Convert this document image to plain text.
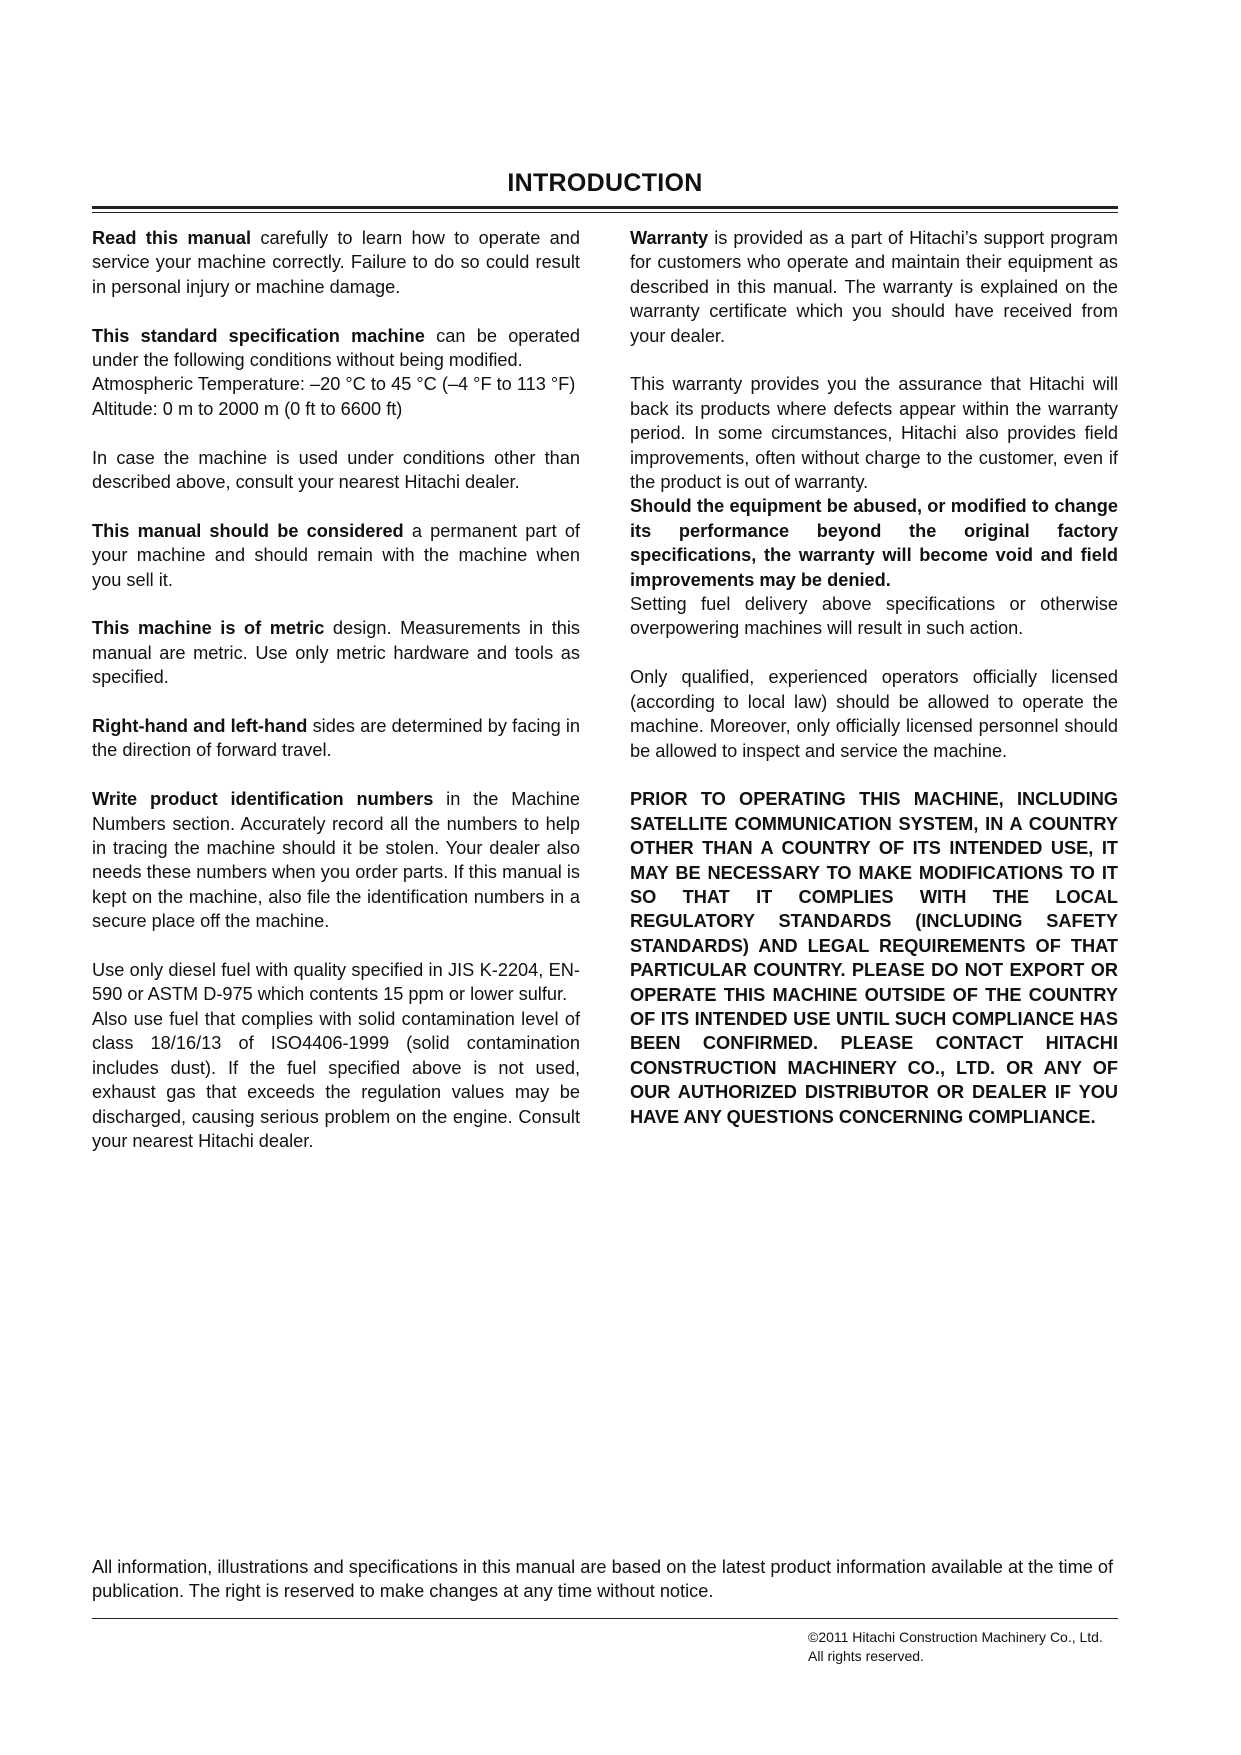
INTRODUCTION

Read this manual carefully to learn how to operate and service your machine correctly. Failure to do so could result in personal injury or machine damage.

This standard specification machine can be operated under the following conditions without being modified.

Atmospheric Temperature: –20 °C to 45 °C (–4 °F to 113 °F)

Altitude: 0 m to 2000 m (0 ft to 6600 ft)

In case the machine is used under conditions other than described above, consult your nearest Hitachi dealer.

This manual should be considered a permanent part of your machine and should remain with the machine when you sell it.

This machine is of metric design. Measurements in this manual are metric. Use only metric hardware and tools as specified.

Right-hand and left-hand sides are determined by facing in the direction of forward travel.

Write product identification numbers in the Machine Numbers section. Accurately record all the numbers to help in tracing the machine should it be stolen. Your dealer also needs these numbers when you order parts. If this manual is kept on the machine, also file the identification numbers in a secure place off the machine.

Use only diesel fuel with quality specified in JIS K-2204, EN-590 or ASTM D-975 which contents 15 ppm or lower sulfur.

Also use fuel that complies with solid contamination level of class 18/16/13 of ISO4406-1999 (solid contamination includes dust). If the fuel specified above is not used, exhaust gas that exceeds the regulation values may be discharged, causing serious problem on the engine. Consult your nearest Hitachi dealer.

Warranty is provided as a part of Hitachi’s support program for customers who operate and maintain their equipment as described in this manual. The warranty is explained on the warranty certificate which you should have received from your dealer.

This warranty provides you the assurance that Hitachi will back its products where defects appear within the warranty period. In some circumstances, Hitachi also provides field improvements, often without charge to the customer, even if the product is out of warranty.

Should the equipment be abused, or modified to change its performance beyond the original factory specifications, the warranty will become void and field improvements may be denied.

Setting fuel delivery above specifications or otherwise overpowering machines will result in such action.

Only qualified, experienced operators officially licensed (according to local law) should be allowed to operate the machine. Moreover, only officially licensed personnel should be allowed to inspect and service the machine.

PRIOR TO OPERATING THIS MACHINE, INCLUDING SATELLITE COMMUNICATION SYSTEM, IN A COUNTRY OTHER THAN A COUNTRY OF ITS INTENDED USE, IT MAY BE NECESSARY TO MAKE MODIFICATIONS TO IT SO THAT IT COMPLIES WITH THE LOCAL REGULATORY STANDARDS (INCLUDING SAFETY STANDARDS) AND LEGAL REQUIREMENTS OF THAT PARTICULAR COUNTRY. PLEASE DO NOT EXPORT OR OPERATE THIS MACHINE OUTSIDE OF THE COUNTRY OF ITS INTENDED USE UNTIL SUCH COMPLIANCE HAS BEEN CONFIRMED. PLEASE CONTACT HITACHI CONSTRUCTION MACHINERY CO., LTD. OR ANY OF OUR AUTHORIZED DISTRIBUTOR OR DEALER IF YOU HAVE ANY QUESTIONS CONCERNING COMPLIANCE.

All information, illustrations and specifications in this manual are based on the latest product information available at the time of publication. The right is reserved to make changes at any time without notice.
©2011 Hitachi Construction Machinery Co., Ltd.
All rights reserved.
